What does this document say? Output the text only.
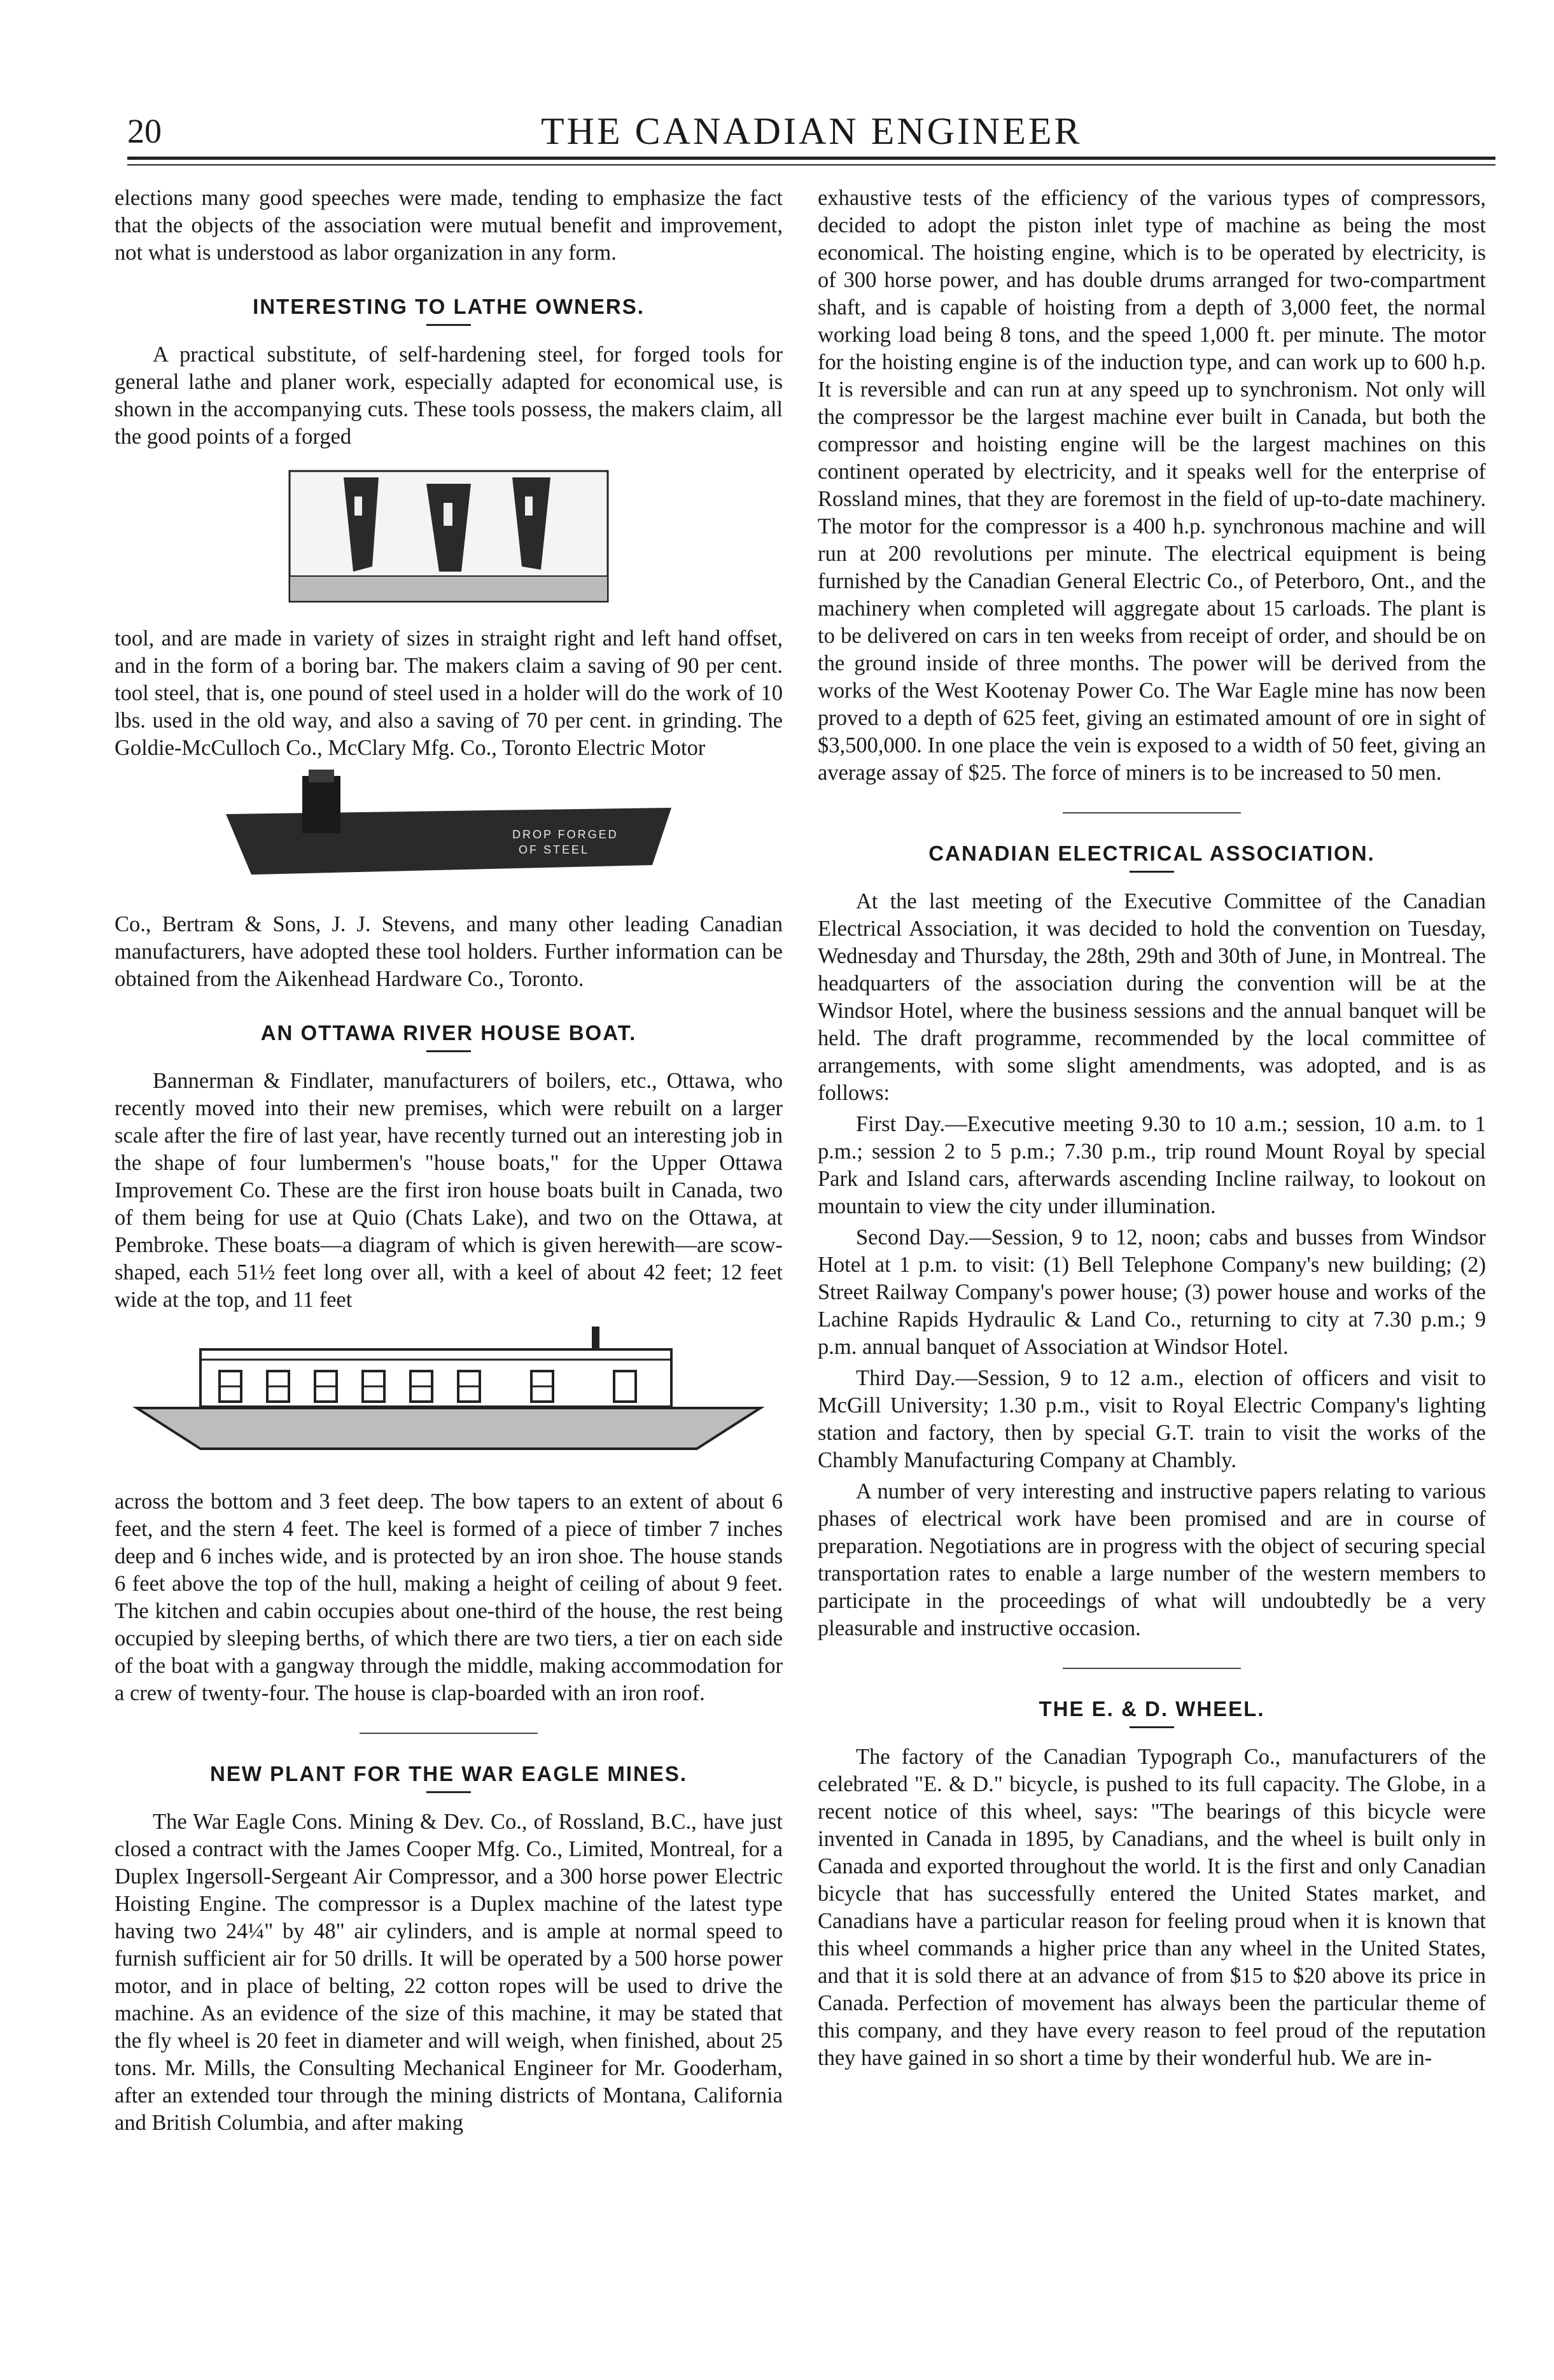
20	THE CANADIAN ENGINEER

elections many good speeches were made, tending to emphasize the fact that the objects of the association were mutual benefit and improvement, not what is understood as labor organization in any form.

INTERESTING TO LATHE OWNERS.

A practical substitute, of self-hardening steel, for forged tools for general lathe and planer work, especially adapted for economical use, is shown in the accompanying cuts. These tools possess, the makers claim, all the good points of a forged

tool, and are made in variety of sizes in straight right and left hand offset, and in the form of a boring bar. The makers claim a saving of 90 per cent. tool steel, that is, one pound of steel used in a holder will do the work of 10 lbs. used in the old way, and also a saving of 70 per cent. in grinding. The Goldie-McCulloch Co., McClary Mfg. Co., Toronto Electric Motor

DROP FORGED
OF STEEL

Co., Bertram & Sons, J. J. Stevens, and many other leading Canadian manufacturers, have adopted these tool holders. Further information can be obtained from the Aikenhead Hardware Co., Toronto.

AN OTTAWA RIVER HOUSE BOAT.

Bannerman & Findlater, manufacturers of boilers, etc., Ottawa, who recently moved into their new premises, which were rebuilt on a larger scale after the fire of last year, have recently turned out an interesting job in the shape of four lumbermen's "house boats," for the Upper Ottawa Improvement Co. These are the first iron house boats built in Canada, two of them being for use at Quio (Chats Lake), and two on the Ottawa, at Pembroke. These boats—a diagram of which is given herewith—are scow-shaped, each 51½ feet long over all, with a keel of about 42 feet; 12 feet wide at the top, and 11 feet

across the bottom and 3 feet deep. The bow tapers to an extent of about 6 feet, and the stern 4 feet. The keel is formed of a piece of timber 7 inches deep and 6 inches wide, and is protected by an iron shoe. The house stands 6 feet above the top of the hull, making a height of ceiling of about 9 feet. The kitchen and cabin occupies about one-third of the house, the rest being occupied by sleeping berths, of which there are two tiers, a tier on each side of the boat with a gangway through the middle, making accommodation for a crew of twenty-four. The house is clap-boarded with an iron roof.

NEW PLANT FOR THE WAR EAGLE MINES.

The War Eagle Cons. Mining & Dev. Co., of Rossland, B.C., have just closed a contract with the James Cooper Mfg. Co., Limited, Montreal, for a Duplex Ingersoll-Sergeant Air Compressor, and a 300 horse power Electric Hoisting Engine. The compressor is a Duplex machine of the latest type having two 24¼" by 48" air cylinders, and is ample at normal speed to furnish sufficient air for 50 drills. It will be operated by a 500 horse power motor, and in place of belting, 22 cotton ropes will be used to drive the machine. As an evidence of the size of this machine, it may be stated that the fly wheel is 20 feet in diameter and will weigh, when finished, about 25 tons. Mr. Mills, the Consulting Mechanical Engineer for Mr. Gooderham, after an extended tour through the mining districts of Montana, California and British Columbia, and after making

exhaustive tests of the efficiency of the various types of compressors, decided to adopt the piston inlet type of machine as being the most economical. The hoisting engine, which is to be operated by electricity, is of 300 horse power, and has double drums arranged for two-compartment shaft, and is capable of hoisting from a depth of 3,000 feet, the normal working load being 8 tons, and the speed 1,000 ft. per minute. The motor for the hoisting engine is of the induction type, and can work up to 600 h.p. It is reversible and can run at any speed up to synchronism. Not only will the compressor be the largest machine ever built in Canada, but both the compressor and hoisting engine will be the largest machines on this continent operated by electricity, and it speaks well for the enterprise of Rossland mines, that they are foremost in the field of up-to-date machinery. The motor for the compressor is a 400 h.p. synchronous machine and will run at 200 revolutions per minute. The electrical equipment is being furnished by the Canadian General Electric Co., of Peterboro, Ont., and the machinery when completed will aggregate about 15 carloads. The plant is to be delivered on cars in ten weeks from receipt of order, and should be on the ground inside of three months. The power will be derived from the works of the West Kootenay Power Co. The War Eagle mine has now been proved to a depth of 625 feet, giving an estimated amount of ore in sight of $3,500,000. In one place the vein is exposed to a width of 50 feet, giving an average assay of $25. The force of miners is to be increased to 50 men.

CANADIAN ELECTRICAL ASSOCIATION.

At the last meeting of the Executive Committee of the Canadian Electrical Association, it was decided to hold the convention on Tuesday, Wednesday and Thursday, the 28th, 29th and 30th of June, in Montreal. The headquarters of the association during the convention will be at the Windsor Hotel, where the business sessions and the annual banquet will be held. The draft programme, recommended by the local committee of arrangements, with some slight amendments, was adopted, and is as follows:

First Day.—Executive meeting 9.30 to 10 a.m.; session, 10 a.m. to 1 p.m.; session 2 to 5 p.m.; 7.30 p.m., trip round Mount Royal by special Park and Island cars, afterwards ascending Incline railway, to lookout on mountain to view the city under illumination.

Second Day.—Session, 9 to 12, noon; cabs and busses from Windsor Hotel at 1 p.m. to visit: (1) Bell Telephone Company's new building; (2) Street Railway Company's power house; (3) power house and works of the Lachine Rapids Hydraulic & Land Co., returning to city at 7.30 p.m.; 9 p.m. annual banquet of Association at Windsor Hotel.

Third Day.—Session, 9 to 12 a.m., election of officers and visit to McGill University; 1.30 p.m., visit to Royal Electric Company's lighting station and factory, then by special G.T. train to visit the works of the Chambly Manufacturing Company at Chambly.

A number of very interesting and instructive papers relating to various phases of electrical work have been promised and are in course of preparation. Negotiations are in progress with the object of securing special transportation rates to enable a large number of the western members to participate in the proceedings of what will undoubtedly be a very pleasurable and instructive occasion.

THE E. & D. WHEEL.

The factory of the Canadian Typograph Co., manufacturers of the celebrated "E. & D." bicycle, is pushed to its full capacity. The Globe, in a recent notice of this wheel, says: "The bearings of this bicycle were invented in Canada in 1895, by Canadians, and the wheel is built only in Canada and exported throughout the world. It is the first and only Canadian bicycle that has successfully entered the United States market, and Canadians have a particular reason for feeling proud when it is known that this wheel commands a higher price than any wheel in the United States, and that it is sold there at an advance of from $15 to $20 above its price in Canada. Perfection of movement has always been the particular theme of this company, and they have every reason to feel proud of the reputation they have gained in so short a time by their wonderful hub. We are in-
